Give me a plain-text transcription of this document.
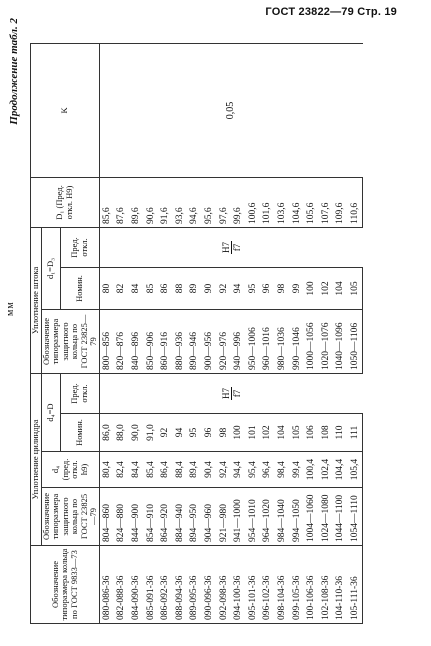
ГОСТ 23822—79 Стр. 19
Продолжение табл. 2
мм
Обозначение типоразмера кольца по ГОСТ 9833—73	Уплотнение цилиндра				Уплотнение штока			D₁ (Пред. откл. H9)	K
	Обозначение типоразмера защитного кольца по ГОСТ 23825—79	d₄ (пред. откл. h9)	d₄=D		Обозначение типоразмера защитного кольца по ГОСТ 23825—79	d₁=D₃			
			Номин.	Пред. откл.		Номин.	Пред. откл.		
080-086-36	804—860	80,4	86,0	H7 f7	800—856	80	H7 f7	85,6	0,05
082-088-36	824—880	82,4	88,0		820—876	82		87,6	
084-090-36	844—900	84,4	90,0		840—896	84		89,6	
085-091-36	854—910	85,4	91,0		850—906	85		90,6	
086-092-36	864—920	86,4	92		860—916	86		91,6	
088-094-36	884—940	88,4	94		880—936	88		93,6	
089-095-36	894—950	89,4	95		890—946	89		94,6	
090-096-36	904—960	90,4	96		900—956	90		95,6	
092-098-36	921—980	92,4	98		920—976	92		97,6	
094-100-36	941—1000	94,4	100		940—996	94		99,6	
095-101-36	954—1010	95,4	101		950—1006	95		100,6	
096-102-36	964—1020	96,4	102		960—1016	96		101,6	
098-104-36	984—1040	98,4	104		980—1036	98		103,6	
099-105-36	994—1050	99,4	105		990—1046	99		104,6	
100-106-36	1004—1060	100,4	106		1000—1056	100		105,6	
102-108-36	1024—1080	102,4	108		1020—1076	102		107,6	
104-110-36	1044—1100	104,4	110		1040—1096	104		109,6	
105-111-36	1054—1110	105,4	111		1050—1106	105		110,6	
